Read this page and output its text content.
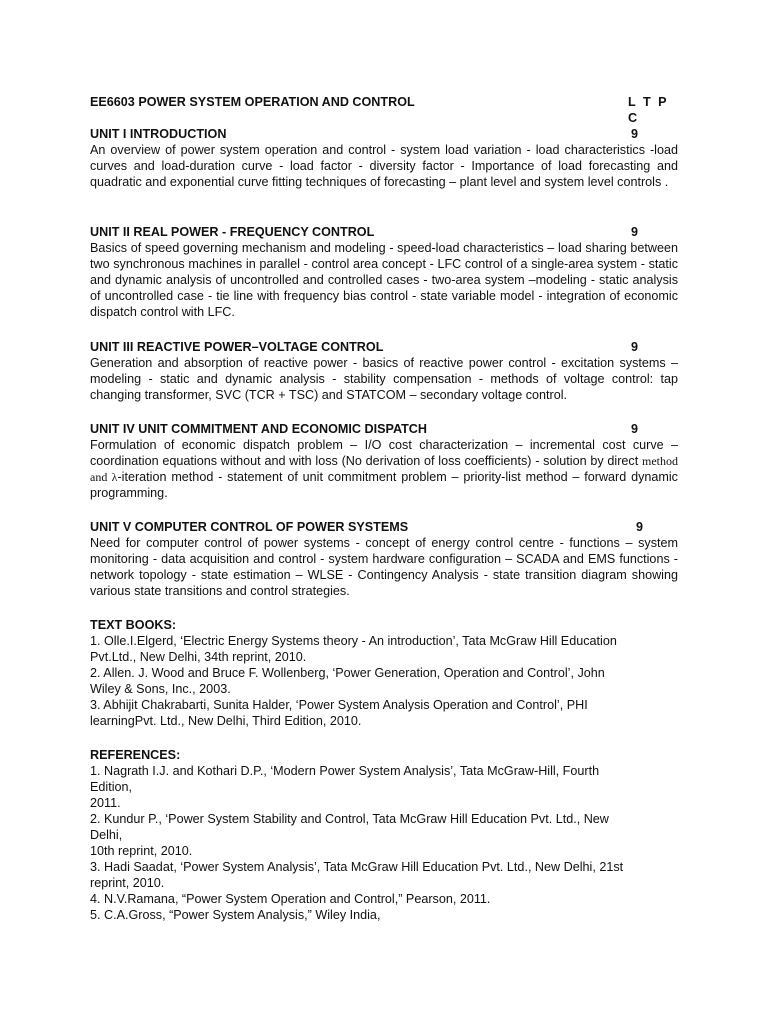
EE6603 POWER SYSTEM OPERATION AND CONTROL	L T P C
UNIT I INTRODUCTION	9
An overview of power system operation and control - system load variation - load characteristics -load curves and load-duration curve - load factor - diversity factor - Importance of load forecasting and quadratic and exponential curve fitting techniques of forecasting – plant level and system level controls .
UNIT II REAL POWER - FREQUENCY CONTROL	9
Basics of speed governing mechanism and modeling - speed-load characteristics – load sharing between two synchronous machines in parallel - control area concept - LFC control of a single-area system - static and dynamic analysis of uncontrolled and controlled cases - two-area system –modeling - static analysis of uncontrolled case - tie line with frequency bias control - state variable model - integration of economic dispatch control with LFC.
UNIT III REACTIVE POWER–VOLTAGE CONTROL	9
Generation and absorption of reactive power - basics of reactive power control - excitation systems –modeling - static and dynamic analysis - stability compensation - methods of voltage control: tap changing transformer, SVC (TCR + TSC) and STATCOM – secondary voltage control.
UNIT IV UNIT COMMITMENT AND ECONOMIC DISPATCH	9
Formulation of economic dispatch problem – I/O cost characterization – incremental cost curve – coordination equations without and with loss (No derivation of loss coefficients) - solution by direct method and λ-iteration method - statement of unit commitment problem – priority-list method – forward dynamic programming.
UNIT V COMPUTER CONTROL OF POWER SYSTEMS	9
Need for computer control of power systems - concept of energy control centre - functions – system monitoring - data acquisition and control - system hardware configuration – SCADA and EMS functions - network topology - state estimation – WLSE - Contingency Analysis - state transition diagram showing various state transitions and control strategies.
TEXT BOOKS:
1. Olle.I.Elgerd, ‘Electric Energy Systems theory - An introduction’, Tata McGraw Hill Education
Pvt.Ltd., New Delhi, 34th reprint, 2010.
2. Allen. J. Wood and Bruce F. Wollenberg, ‘Power Generation, Operation and Control’, John
Wiley & Sons, Inc., 2003.
3. Abhijit Chakrabarti, Sunita Halder, ‘Power System Analysis Operation and Control’, PHI
learningPvt. Ltd., New Delhi, Third Edition, 2010.
REFERENCES:
1. Nagrath I.J. and Kothari D.P., ‘Modern Power System Analysis’, Tata McGraw-Hill, Fourth
Edition,
2011.
2. Kundur P., ‘Power System Stability and Control, Tata McGraw Hill Education Pvt. Ltd., New
Delhi,
10th reprint, 2010.
3. Hadi Saadat, ‘Power System Analysis’, Tata McGraw Hill Education Pvt. Ltd., New Delhi, 21st
reprint, 2010.
4. N.V.Ramana, “Power System Operation and Control,” Pearson, 2011.
5. C.A.Gross, “Power System Analysis,” Wiley India,
